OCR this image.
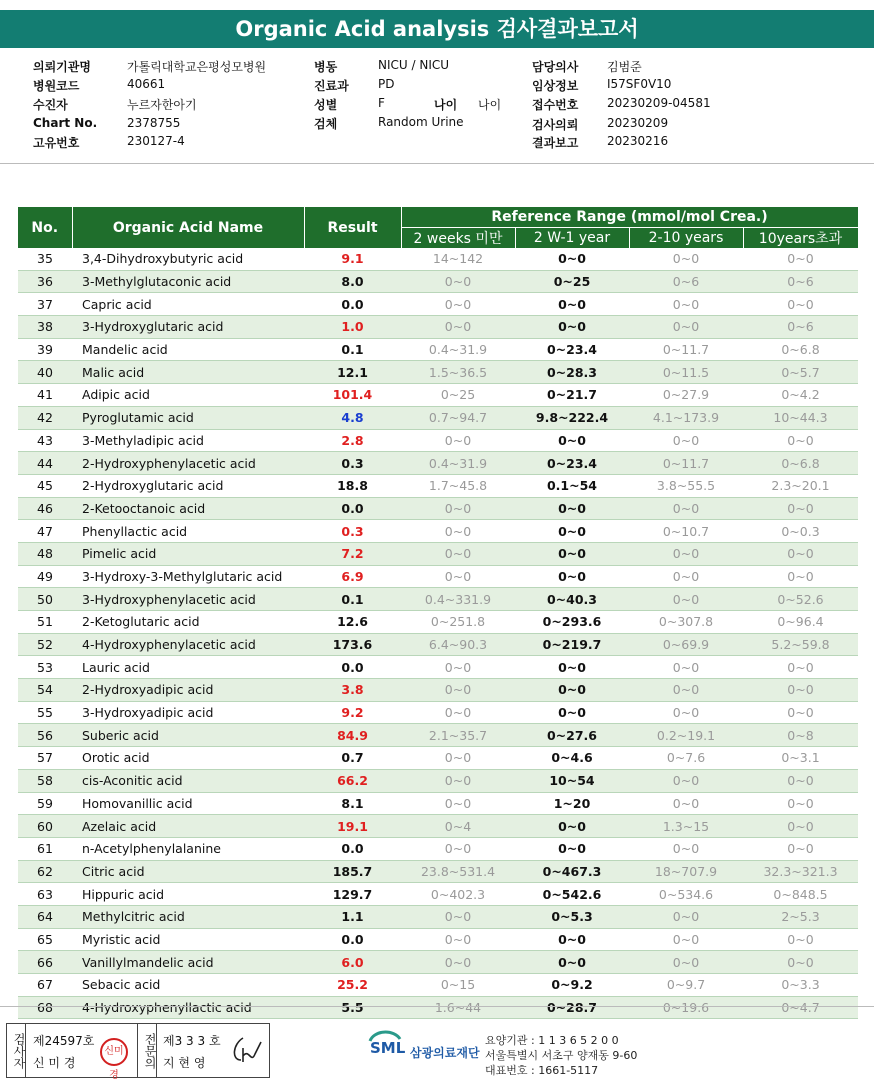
Organic Acid analysis 검사결과보고서
의뢰기관명	가톨릭대학교은평성모병원
병원코드	40661
수진자	누르자한아기
Chart No. 2378755
고유번호	230127-4
병동	NICU / NICU
진료과 PD
성별	F	나이 나이
검체	Random Urine
담당의사 김범준
임상정보 I57SF0V10
접수번호 20230209-04581
검사의뢰 20230209
결과보고 20230216
No.	Organic Acid Name	Result	Reference Range (mmol/mol Crea.)			
			2 weeks 미만	2 W-1 year	2-10 years	10years초과
35	3,4-Dihydroxybutyric acid	9.1	14~142	0~0	0~0	0~0
36	3-Methylglutaconic acid	8.0	0~0	0~25	0~6	0~6
37	Capric acid	0.0	0~0	0~0	0~0	0~0
38	3-Hydroxyglutaric acid	1.0	0~0	0~0	0~0	0~6
39	Mandelic acid	0.1	0.4~31.9	0~23.4	0~11.7	0~6.8
40	Malic acid	12.1	1.5~36.5	0~28.3	0~11.5	0~5.7
41	Adipic acid	101.4	0~25	0~21.7	0~27.9	0~4.2
42	Pyroglutamic acid	4.8	0.7~94.7	9.8~222.4	4.1~173.9	10~44.3
43	3-Methyladipic acid	2.8	0~0	0~0	0~0	0~0
44	2-Hydroxyphenylacetic acid	0.3	0.4~31.9	0~23.4	0~11.7	0~6.8
45	2-Hydroxyglutaric acid	18.8	1.7~45.8	0.1~54	3.8~55.5	2.3~20.1
46	2-Ketooctanoic acid	0.0	0~0	0~0	0~0	0~0
47	Phenyllactic acid	0.3	0~0	0~0	0~10.7	0~0.3
48	Pimelic acid	7.2	0~0	0~0	0~0	0~0
49	3-Hydroxy-3-Methylglutaric acid	6.9	0~0	0~0	0~0	0~0
50	3-Hydroxyphenylacetic acid	0.1	0.4~331.9	0~40.3	0~0	0~52.6
51	2-Ketoglutaric acid	12.6	0~251.8	0~293.6	0~307.8	0~96.4
52	4-Hydroxyphenylacetic acid	173.6	6.4~90.3	0~219.7	0~69.9	5.2~59.8
53	Lauric acid	0.0	0~0	0~0	0~0	0~0
54	2-Hydroxyadipic acid	3.8	0~0	0~0	0~0	0~0
55	3-Hydroxyadipic acid	9.2	0~0	0~0	0~0	0~0
56	Suberic acid	84.9	2.1~35.7	0~27.6	0.2~19.1	0~8
57	Orotic acid	0.7	0~0	0~4.6	0~7.6	0~3.1
58	cis-Aconitic acid	66.2	0~0	10~54	0~0	0~0
59	Homovanillic acid	8.1	0~0	1~20	0~0	0~0
60	Azelaic acid	19.1	0~4	0~0	1.3~15	0~0
61	n-Acetylphenylalanine	0.0	0~0	0~0	0~0	0~0
62	Citric acid	185.7	23.8~531.4	0~467.3	18~707.9	32.3~321.3
63	Hippuric acid	129.7	0~402.3	0~542.6	0~534.6	0~848.5
64	Methylcitric acid	1.1	0~0	0~5.3	0~0	2~5.3
65	Myristic acid	0.0	0~0	0~0	0~0	0~0
66	Vanillylmandelic acid	6.0	0~0	0~0	0~0	0~0
67	Sebacic acid	25.2	0~15	0~9.2	0~9.7	0~3.3
68	4-Hydroxyphenyllactic acid	5.5	1.6~44	0~28.7	0~19.6	0~4.7
검사자 제24597호
신 미 경
신미경
전문의 제3 3 3 호
지 현 영
SML 삼광의료재단
요양기관 : 1 1 3 6 5 2 0 0
서울특별시 서초구 양재동 9-60
대표번호 : 1661-5117
